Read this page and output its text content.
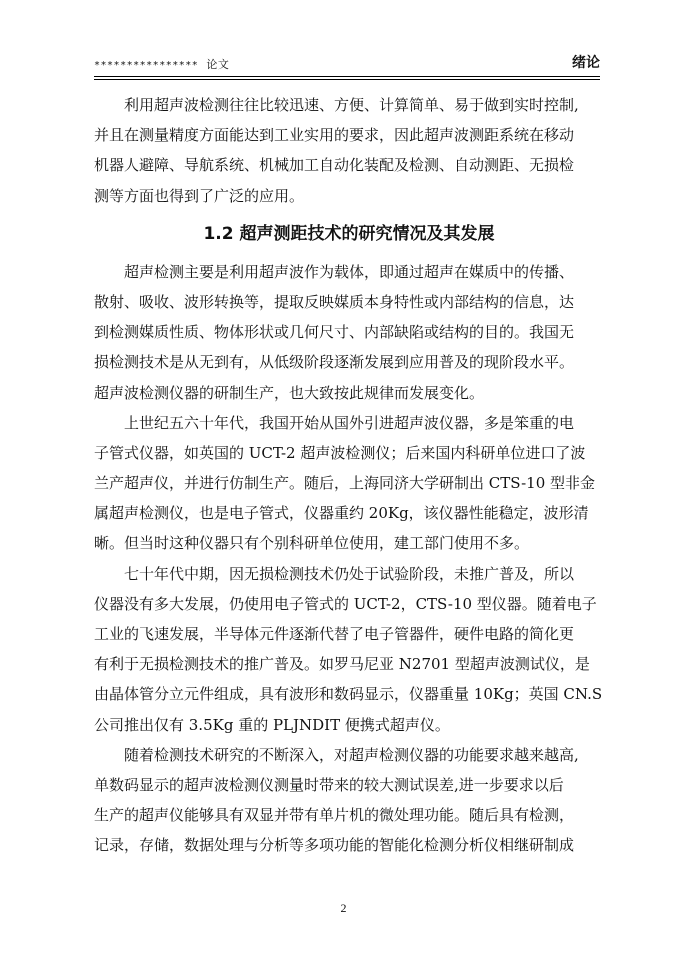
**************** 论文	绪论

利用超声波检测往往比较迅速、方便、计算简单、易于做到实时控制,
并且在测量精度方面能达到工业实用的要求，因此超声波测距系统在移动
机器人避障、导航系统、机械加工自动化装配及检测、自动测距、无损检
测等方面也得到了广泛的应用。

1.2 超声测距技术的研究情况及其发展

超声检测主要是利用超声波作为载体，即通过超声在媒质中的传播、
散射、吸收、波形转换等，提取反映媒质本身特性或内部结构的信息，达
到检测媒质性质、物体形状或几何尺寸、内部缺陷或结构的目的。我国无
损检测技术是从无到有，从低级阶段逐渐发展到应用普及的现阶段水平。
超声波检测仪器的研制生产，也大致按此规律而发展变化。

上世纪五六十年代，我国开始从国外引进超声波仪器，多是笨重的电
子管式仪器，如英国的 UCT-2 超声波检测仪；后来国内科研单位进口了波
兰产超声仪，并进行仿制生产。随后，上海同济大学研制出 CTS-10 型非金
属超声检测仪，也是电子管式，仪器重约 20Kg，该仪器性能稳定，波形清
晰。但当时这种仪器只有个别科研单位使用，建工部门使用不多。

七十年代中期，因无损检测技术仍处于试验阶段，未推广普及，所以
仪器没有多大发展，仍使用电子管式的 UCT-2，CTS-10 型仪器。随着电子
工业的飞速发展，半导体元件逐渐代替了电子管器件，硬件电路的简化更
有利于无损检测技术的推广普及。如罗马尼亚 N2701 型超声波测试仪，是
由晶体管分立元件组成，具有波形和数码显示，仪器重量 10Kg；英国 CN.S
公司推出仅有 3.5Kg 重的 PLJNDIT 便携式超声仪。

随着检测技术研究的不断深入，对超声检测仪器的功能要求越来越高,
单数码显示的超声波检测仪测量时带来的较大测试误差,进一步要求以后
生产的超声仪能够具有双显并带有单片机的微处理功能。随后具有检测，
记录，存储，数据处理与分析等多项功能的智能化检测分析仪相继研制成

2
